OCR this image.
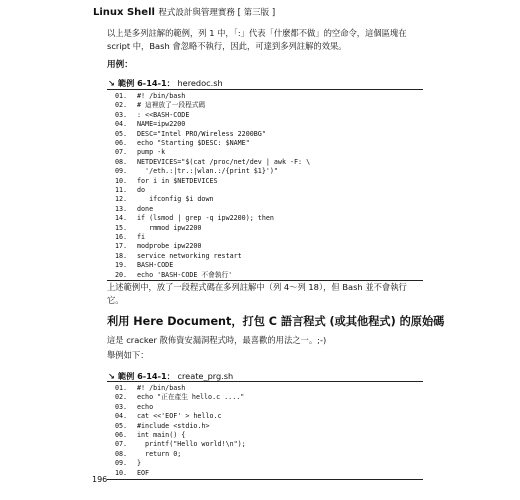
Linux Shell 程式設計與管理實務 [ 第三版 ]
以上是多列註解的範例，列 1 中，「:」代表「什麼都不做」的空命令，這個區塊在 script 中，Bash 會忽略不執行，因此，可達到多列註解的效果。
用例：
↘ 範例 6-14-1： heredoc.sh
01.	#! /bin/bash
02.	# 這裡放了一段程式碼
03.	: <<BASH-CODE
04.	NAME=ipw2200
05.	DESC="Intel PRO/Wireless 2200BG"
06.	echo "Starting $DESC: $NAME"
07.	pump -k
08.	NETDEVICES="$(cat /proc/net/dev | awk -F: \
09.	'/eth.:|tr.:|wlan.:/{print $1}')"
10.	for i in $NETDEVICES
11.	do
12.	ifconfig $i down
13.	done
14.	if (lsmod | grep -q ipw2200); then
15.	rmmod ipw2200
16.	fi
17.	modprobe ipw2200
18.	service networking restart
19.	BASH-CODE
20.	echo 'BASH-CODE 不會執行'
上述範例中，放了一段程式碼在多列註解中（列 4～列 18），但 Bash 並不會執行它。
利用 Here Document，打包 C 語言程式 (或其他程式) 的原始碼
這是 cracker 散佈資安漏洞程式時，最喜歡的用法之一。;-)
舉例如下：
↘ 範例 6-14-1： create_prg.sh
01.	#! /bin/bash
02.	echo "正在產生 hello.c ...."
03.	echo
04.	cat <<'EOF' > hello.c
05.	#include <stdio.h>
06.	int main() {
07.	printf("Hello world!\n");
08.	return 0;
09.	}
10.	EOF
196
